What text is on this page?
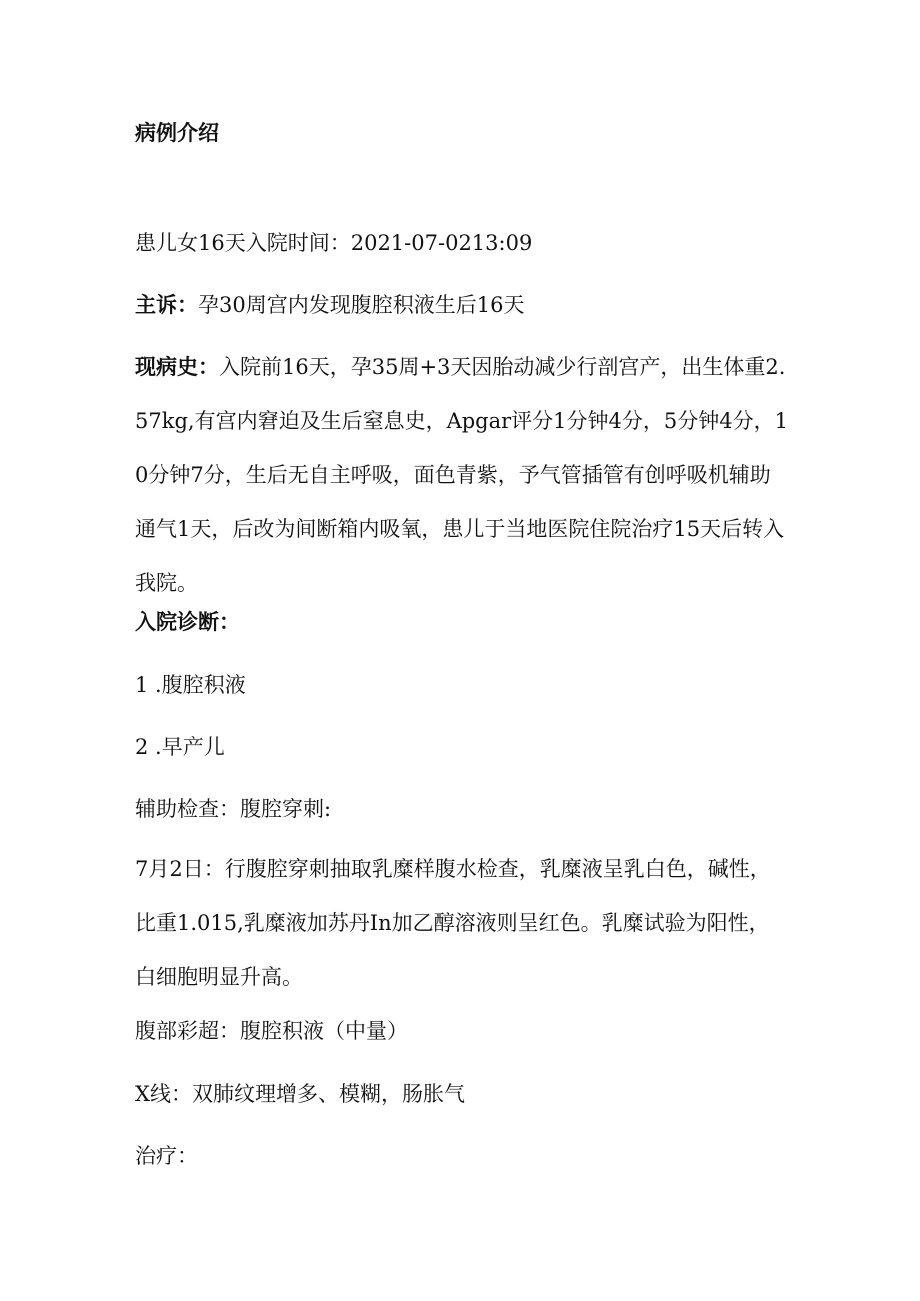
病例介绍
患儿女16天入院时间：2021-07-0213:09
主诉：孕30周宫内发现腹腔积液生后16天
现病史：入院前16天，孕35周+3天因胎动减少行剖宫产，出生体重2.57kg,有宫内窘迫及生后窒息史，Apgar评分1分钟4分，5分钟4分，10分钟7分，生后无自主呼吸，面色青紫，予气管插管有创呼吸机辅助通气1天，后改为间断箱内吸氧，患儿于当地医院住院治疗15天后转入我院。
入院诊断：
1 .腹腔积液
2 .早产儿
辅助检查：腹腔穿刺:
7月2日：行腹腔穿刺抽取乳糜样腹水检查，乳糜液呈乳白色，碱性，比重1.015,乳糜液加苏丹In加乙醇溶液则呈红色。乳糜试验为阳性，白细胞明显升高。
腹部彩超：腹腔积液（中量）
X线：双肺纹理增多、模糊，肠胀气
治疗：
